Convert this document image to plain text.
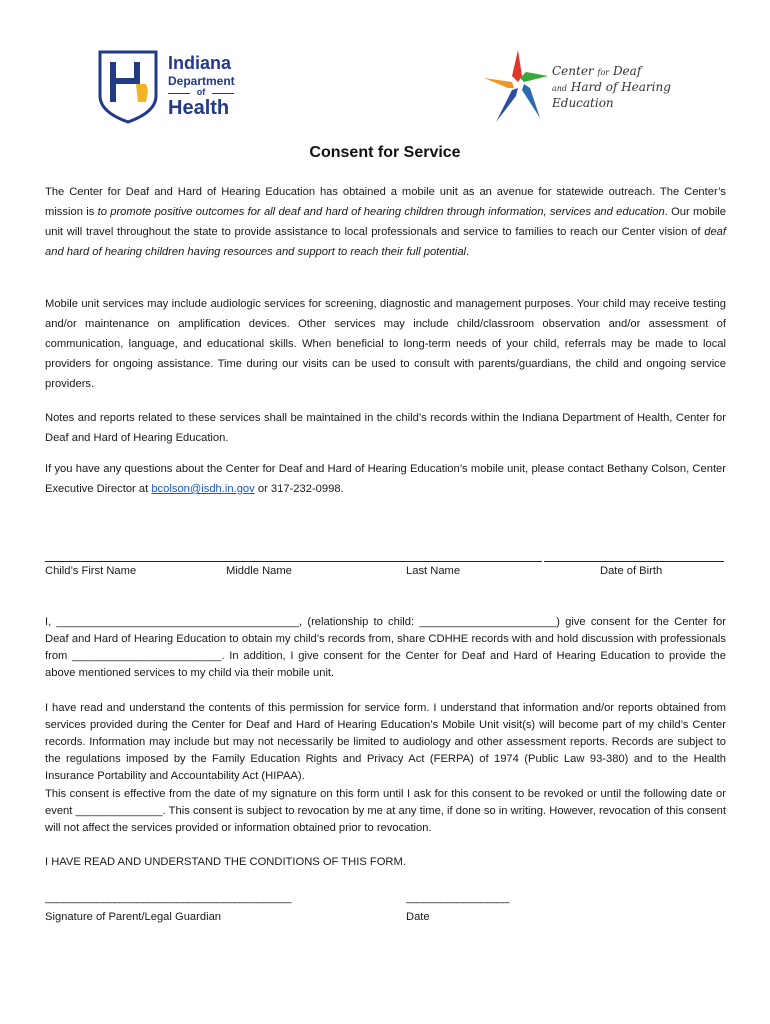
Indiana
Department
of
Health
Center for Deaf
and Hard of Hearing
Education
Consent for Service

The Center for Deaf and Hard of Hearing Education has obtained a mobile unit as an avenue for statewide outreach. The Center’s mission is to promote positive outcomes for all deaf and hard of hearing children through information, services and education. Our mobile unit will travel throughout the state to provide assistance to local professionals and service to families to reach our Center vision of deaf and hard of hearing children having resources and support to reach their full potential.

Mobile unit services may include audiologic services for screening, diagnostic and management purposes. Your child may receive testing and/or maintenance on amplification devices. Other services may include child/classroom observation and/or assessment of communication, language, and educational skills. When beneficial to long-term needs of your child, referrals may be made to local providers for ongoing assistance. Time during our visits can be used to consult with parents/guardians, the child and ongoing service providers.

Notes and reports related to these services shall be maintained in the child’s records within the Indiana Department of Health, Center for Deaf and Hard of Hearing Education.

If you have any questions about the Center for Deaf and Hard of Hearing Education’s mobile unit, please contact Bethany Colson, Center Executive Director at bcolson@isdh.in.gov or 317-232-0998.

Child’s First Name	Middle Name	Last Name	Date of Birth

I, _______________________________________, (relationship to child: ______________________) give consent for the Center for Deaf and Hard of Hearing Education to obtain my child’s records from, share CDHHE records with and hold discussion with professionals from ________________________. In addition, I give consent for the Center for Deaf and Hard of Hearing Education to provide the above mentioned services to my child via their mobile unit.

I have read and understand the contents of this permission for service form. I understand that information and/or reports obtained from services provided during the Center for Deaf and Hard of Hearing Education’s Mobile Unit visit(s) will become part of my child’s Center records. Information may include but may not necessarily be limited to audiology and other assessment reports. Records are subject to the regulations imposed by the Family Education Rights and Privacy Act (FERPA) of 1974 (Public Law 93-380) and to the Health Insurance Portability and Accountability Act (HIPAA).

This consent is effective from the date of my signature on this form until I ask for this consent to be revoked or until the following date or event ______________. This consent is subject to revocation by me at any time, if done so in writing. However, revocation of this consent will not affect the services provided or information obtained prior to revocation.

I HAVE READ AND UNDERSTAND THE CONDITIONS OF THIS FORM.
___________________________________________	__________________
Signature of Parent/Legal Guardian	Date
